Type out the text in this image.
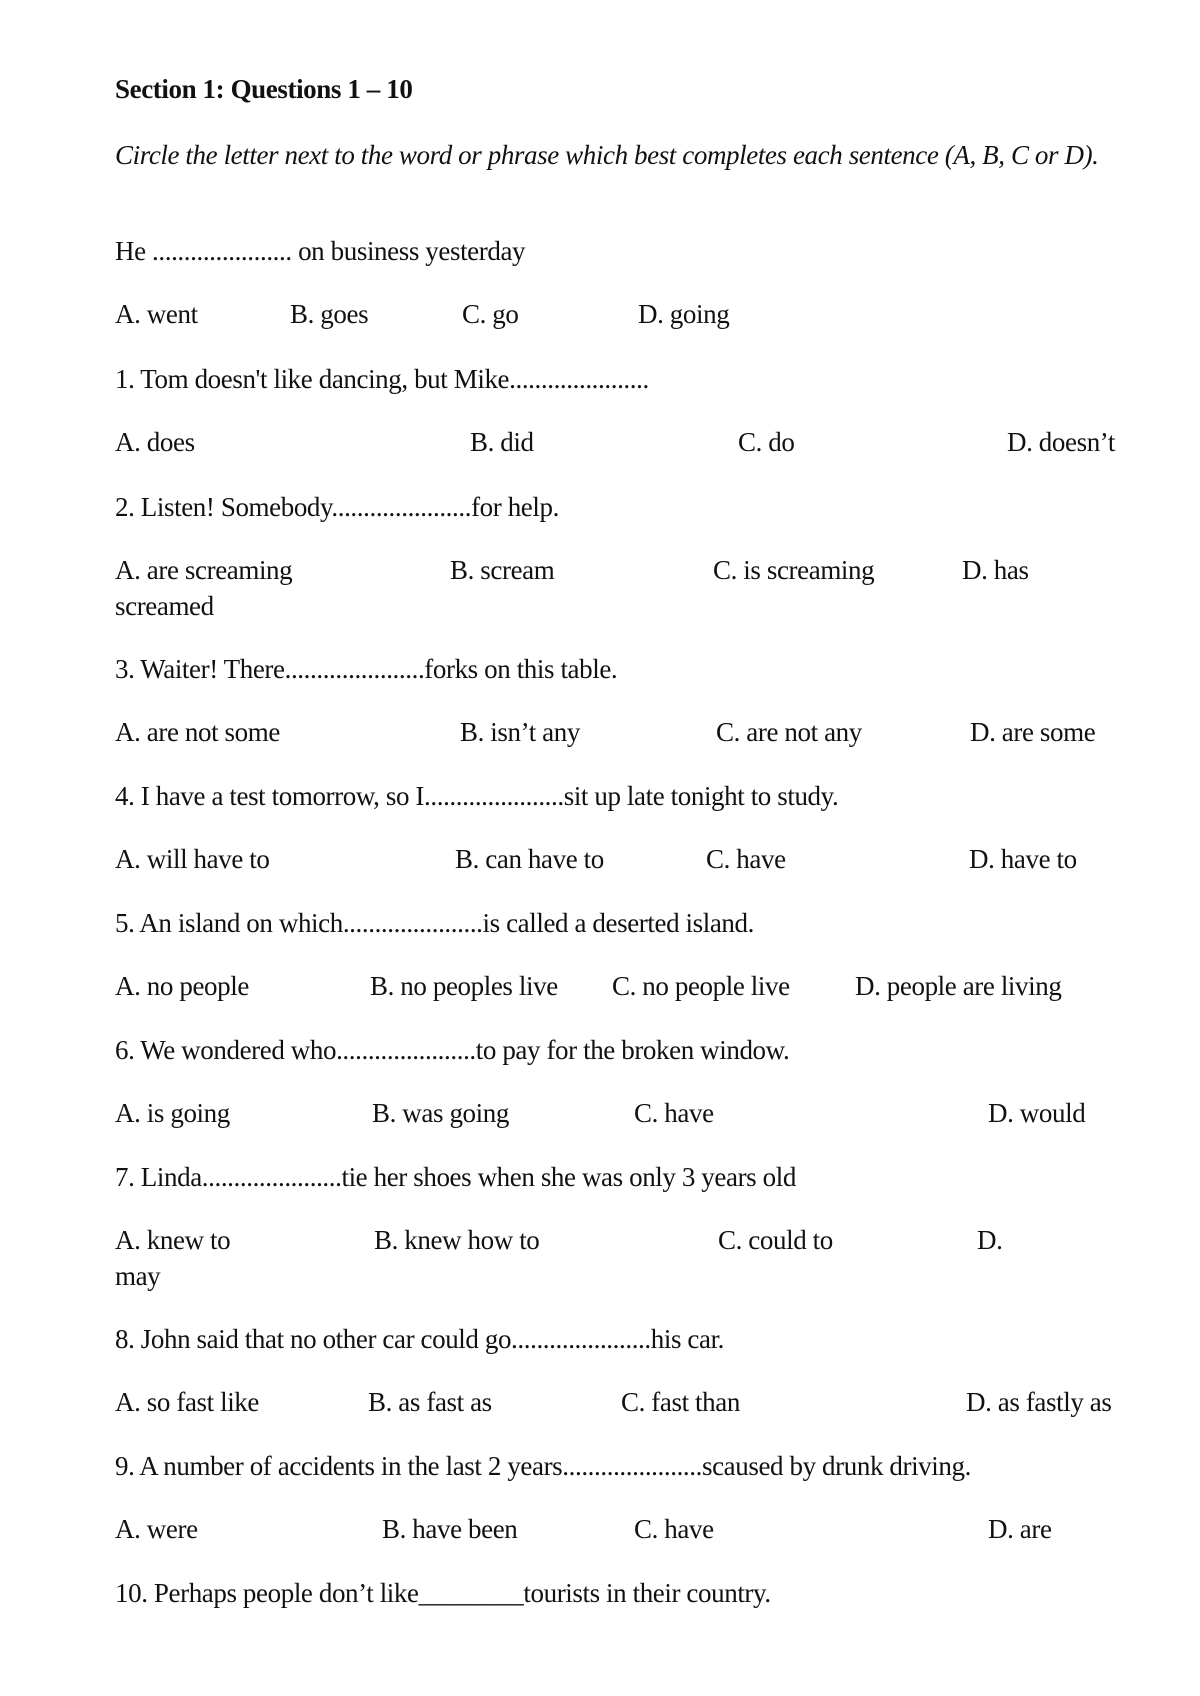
Section 1: Questions 1 – 10
Circle the letter next to the word or phrase which best completes each sentence (A, B, C or D).
He ...................... on business yesterday
A. went	B. goes	C. go	D. going
1. Tom doesn't like dancing, but Mike......................
A. does	B. did	C. do	D. doesn’t
2. Listen! Somebody......................for help.
A. are screaming	B. scream	C. is screaming	D. has
screamed
3. Waiter! There......................forks on this table.
A. are not some	B. isn’t any	C. are not any	D. are some
4. I have a test tomorrow, so I......................sit up late tonight to study.
A. will have to	B. can have to	C. have	D. have to
5. An island on which......................is called a deserted island.
A. no people	B. no peoples live C. no people live D. people are living
6. We wondered who......................to pay for the broken window.
A. is going	B. was going	C. have	D. would
7. Linda......................tie her shoes when she was only 3 years old
A. knew to	B. knew how to	C. could to	D.
may
8. John said that no other car could go......................his car.
A. so fast like	B. as fast as	C. fast than	D. as fastly as
9. A number of accidents in the last 2 years......................scaused by drunk driving.
A. were	B. have been	C. have	D. are
10. Perhaps people don’t like________tourists in their country.
